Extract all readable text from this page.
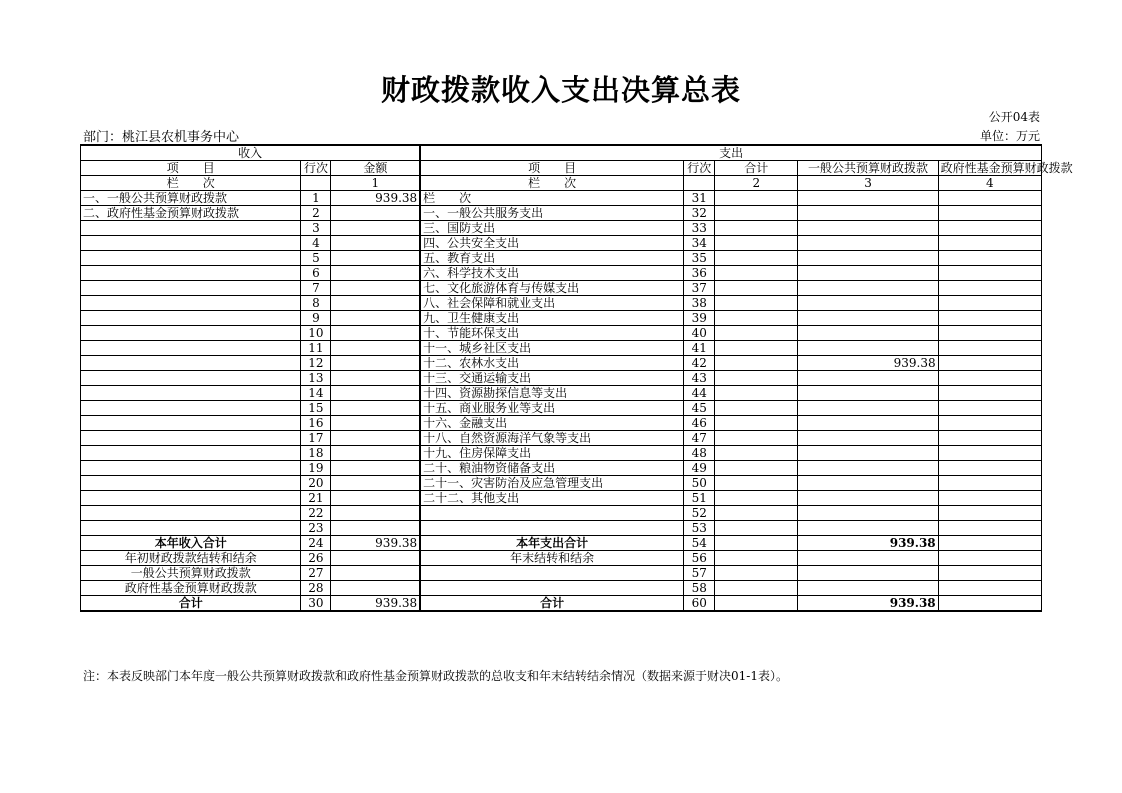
财政拨款收入支出决算总表
公开04表
部门：桃江县农机事务中心	单位：万元
收入			支出				
项　　目	行次	金额	项　　目	行次	合计	一般公共预算财政拨款	政府性基金预算财政拨款
栏　　次		1	栏　　次		2	3	4
一、一般公共预算财政拨款	1	939.38	栏　　次	31			
二、政府性基金预算财政拨款	2		一、一般公共服务支出	32			
	3		三、国防支出	33			
	4		四、公共安全支出	34			
	5		五、教育支出	35			
	6		六、科学技术支出	36			
	7		七、文化旅游体育与传媒支出	37			
	8		八、社会保障和就业支出	38			
	9		九、卫生健康支出	39			
	10		十、节能环保支出	40			
	11		十一、城乡社区支出	41			
	12		十二、农林水支出	42		939.38	
	13		十三、交通运输支出	43			
	14		十四、资源勘探信息等支出	44			
	15		十五、商业服务业等支出	45			
	16		十六、金融支出	46			
	17		十八、自然资源海洋气象等支出	47			
	18		十九、住房保障支出	48			
	19		二十、粮油物资储备支出	49			
	20		二十一、灾害防治及应急管理支出	50			
	21		二十二、其他支出	51			
	22			52			
	23			53			
本年收入合计	24	939.38	本年支出合计	54		939.38	
年初财政拨款结转和结余	26		年末结转和结余	56			
一般公共预算财政拨款	27			57			
政府性基金预算财政拨款	28			58			
合计	30	939.38	合计	60		939.38	
注：本表反映部门本年度一般公共预算财政拨款和政府性基金预算财政拨款的总收支和年末结转结余情况（数据来源于财决01-1表）。
